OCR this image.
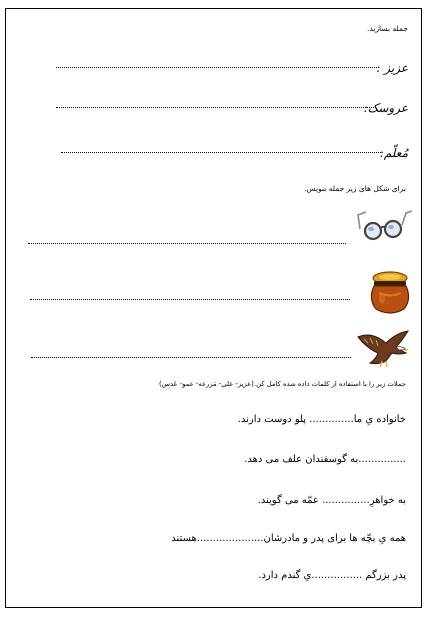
جمله بسازید.
عزیز :
عروسک:
مُعلّم:
برای شکل های زیر جمله بنویس.
جملات زیر را با استفاده از کلمات داده شده کامل کن.(عزیز- علی- مَزرعه- عمو- عَدس)
خانواده یِ ما.............. پلو دوست دارند.
...............به گوسفندان علف می دهد.
به خواهرِ............... عمّه می گویند.
همه یِ بچّه ها برای پدر و مادرشان.....................هستند
پدر بزرگم ................یِ گندم دارد.
